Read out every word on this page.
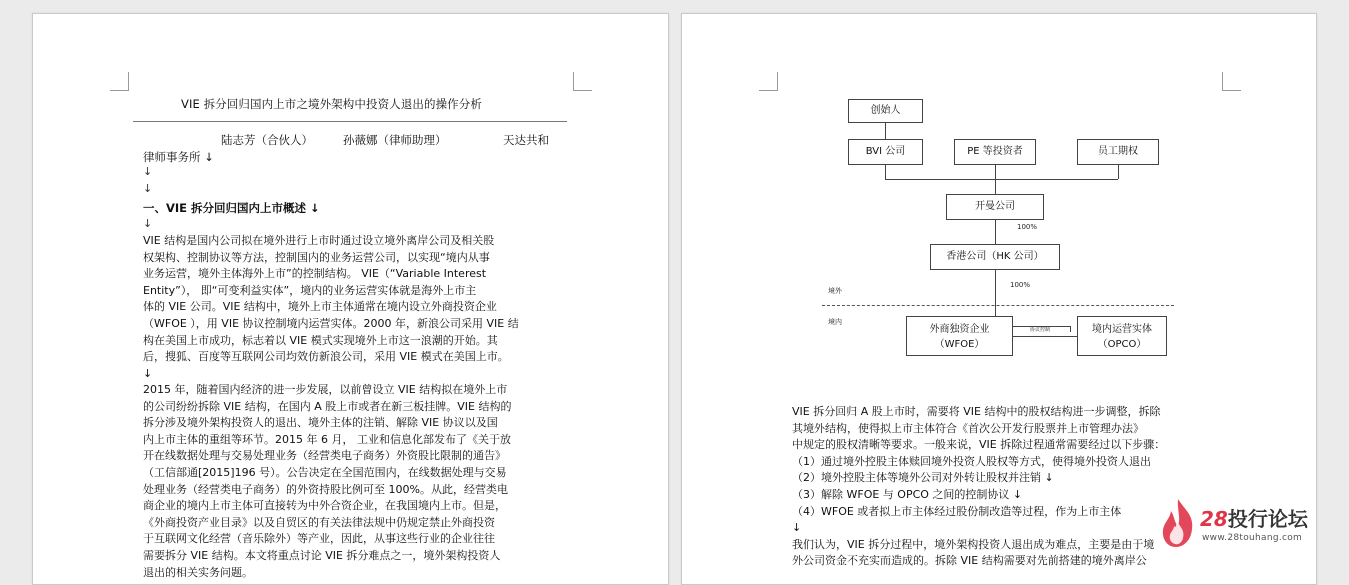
VIE 拆分回归国内上市之境外架构中投资人退出的操作分析
陆志芳（合伙人）	孙薇娜（律师助理）	天达共和
律师事务所 ↓
↓
↓
一、VIE 拆分回归国内上市概述 ↓
↓
VIE 结构是国内公司拟在境外进行上市时通过设立境外离岸公司及相关股
权架构、控制协议等方法，控制国内的业务运营公司，以实现“境内从事
业务运营，境外主体海外上市”的控制结构。 VIE（“Variable Interest
Entity”）， 即“可变利益实体”，境内的业务运营实体就是海外上市主
体的 VIE 公司。VIE 结构中，境外上市主体通常在境内设立外商投资企业
（WFOE ），用 VIE 协议控制境内运营实体。2000 年，新浪公司采用 VIE 结
构在美国上市成功，标志着以 VIE 模式实现境外上市这一浪潮的开始。其
后，搜狐、百度等互联网公司均效仿新浪公司，采用 VIE 模式在美国上市。
↓
2015 年，随着国内经济的进一步发展，以前曾设立 VIE 结构拟在境外上市
的公司纷纷拆除 VIE 结构，在国内 A 股上市或者在新三板挂牌。VIE 结构的
拆分涉及境外架构投资人的退出、境外主体的注销、解除 VIE 协议以及国
内上市主体的重组等环节。2015 年 6 月， 工业和信息化部发布了《关于放
开在线数据处理与交易处理业务（经营类电子商务）外资股比限制的通告》
（工信部通[2015]196 号）。公告决定在全国范围内，在线数据处理与交易
处理业务（经营类电子商务）的外资持股比例可至 100%。从此，经营类电
商企业的境内上市主体可直接转为中外合资企业，在我国境内上市。但是，
《外商投资产业目录》以及自贸区的有关法律法规中仍规定禁止外商投资
于互联网文化经营（音乐除外）等产业，因此，从事这些行业的企业往往
需要拆分 VIE 结构。本文将重点讨论 VIE 拆分难点之一，境外架构投资人
退出的相关实务问题。
创始人
BVI 公司	PE 等投资者	员工期权
开曼公司
100%
香港公司（HK 公司）
100%
境外
境内
外商独资企业
（WFOE）
协议控制	境内运营实体
（OPCO）
VIE 拆分回归 A 股上市时，需要将 VIE 结构中的股权结构进一步调整，拆除
其境外结构，使得拟上市主体符合《首次公开发行股票并上市管理办法》
中规定的股权清晰等要求。一般来说，VIE 拆除过程通常需要经过以下步骤：
（1）通过境外控股主体赎回境外投资人股权等方式，使得境外投资人退出
（2）境外控股主体等境外公司对外转让股权并注销 ↓
（3）解除 WFOE 与 OPCO 之间的控制协议 ↓
（4）WFOE 或者拟上市主体经过股份制改造等过程，作为上市主体
↓
我们认为，VIE 拆分过程中，境外架构投资人退出成为难点，主要是由于境
外公司资金不充实而造成的。拆除 VIE 结构需要对先前搭建的境外离岸公
28投行论坛
www.28touhang.com
